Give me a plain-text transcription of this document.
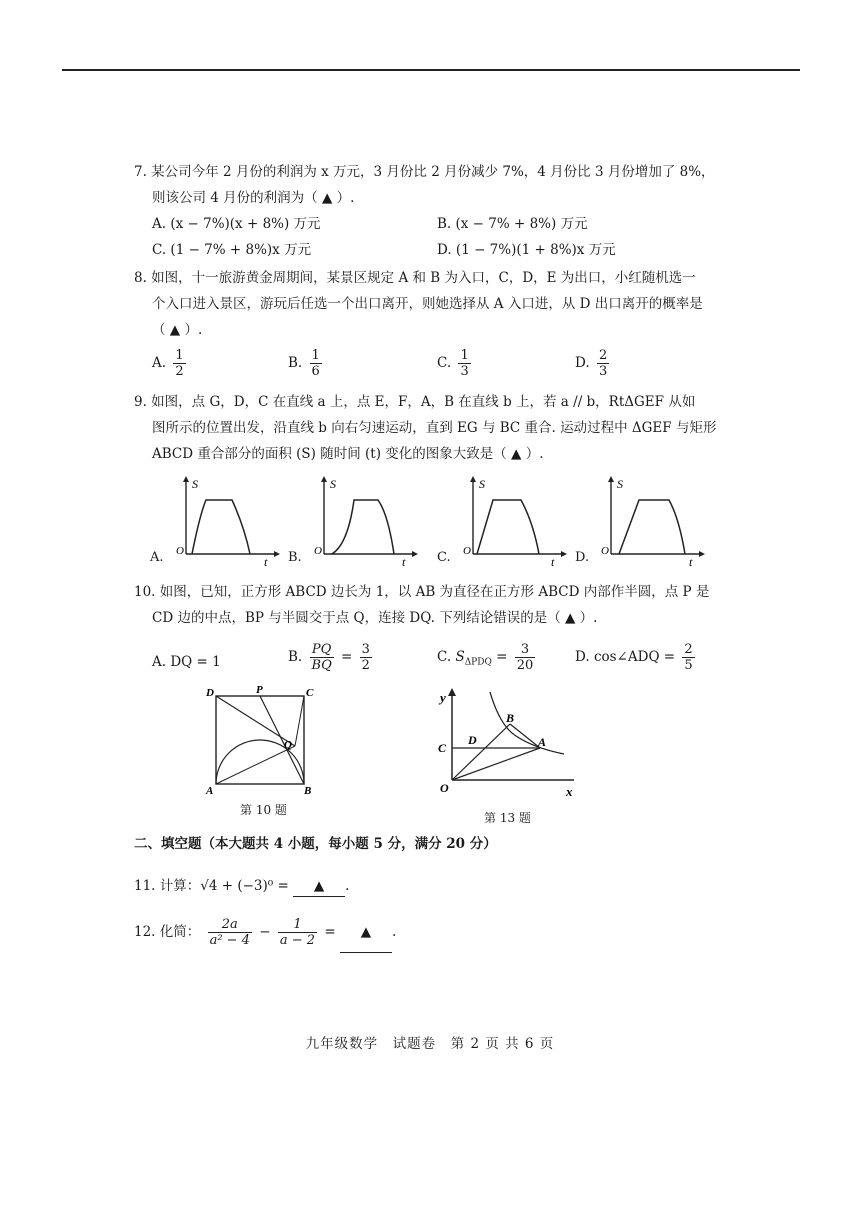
7. 某公司今年 2 月份的利润为 x 万元，3 月份比 2 月份减少 7%，4 月份比 3 月份增加了 8%，
则该公司 4 月份的利润为（ ▲ ）.
A. (x − 7%)(x + 8%) 万元	B. (x − 7% + 8%) 万元
C. (1 − 7% + 8%)x 万元	D. (1 − 7%)(1 + 8%)x 万元
8. 如图，十一旅游黄金周期间，某景区规定 A 和 B 为入口，C，D，E 为出口，小红随机选一
个入口进入景区，游玩后任选一个出口离开，则她选择从 A 入口进，从 D 出口离开的概率是
（ ▲ ）.
A. $\frac{1}{2}$	B. $\frac{1}{6}$	C. $\frac{1}{3}$	D. $\frac{2}{3}$
9. 如图，点 G，D，C 在直线 a 上，点 E，F，A，B 在直线 b 上，若 a // b，RtΔGEF 从如
图所示的位置出发，沿直线 b 向右匀速运动，直到 EG 与 BC 重合. 运动过程中 ΔGEF 与矩形
ABCD 重合部分的面积 (S) 随时间 (t) 变化的图象大致是（ ▲ ）.
A.
S
O
t B.
S
O
t C.
S
O
t D.
S
O
t
10. 如图，已知，正方形 ABCD 边长为 1，以 AB 为直径在正方形 ABCD 内部作半圆，点 P 是
CD 边的中点，BP 与半圆交于点 Q，连接 DQ. 下列结论错误的是（ ▲ ）.
A. DQ = 1	B. $\frac{PQ}{BQ} = \frac{3}{2}$	C. $S_{\Delta PDQ} = \frac{3}{20}$	D. cos∠ADQ = $\frac{2}{5}$
D	P	C
Q
A	B
第 10 题
y
x
O
C
D
B
A
第 13 题
二、填空题（本大题共 4 小题，每小题 5 分，满分 20 分）
11. 计算：√4 + (−3)⁰ = ▲ .
12. 化简： $\frac{2a}{\text{a² − 4}} - \frac{1}{a - 2}$ = ▲ .
九年级数学　试题卷　第 2 页 共 6 页
